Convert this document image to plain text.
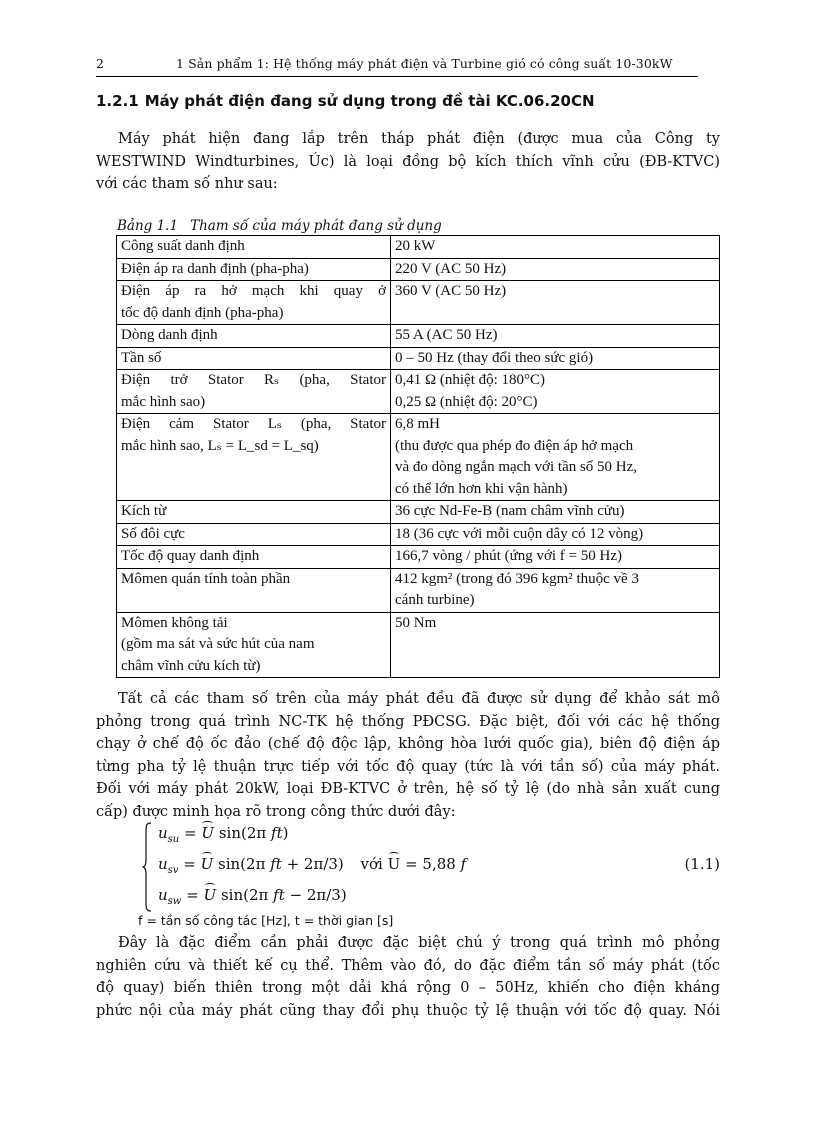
2	1 Sản phẩm 1: Hệ thống máy phát điện và Turbine gió có công suất 10-30kW
1.2.1 Máy phát điện đang sử dụng trong đề tài KC.06.20CN
Máy phát hiện đang lắp trên tháp phát điện (được mua của Công ty
WESTWIND Windturbines, Úc) là loại đồng bộ kích thích vĩnh cửu (ĐB-KTVC)
với các tham số như sau:
Bảng 1.1 Tham số của máy phát đang sử dụng
Công suất danh định	20 kW

Điện áp ra danh định (pha-pha)	220 V (AC 50 Hz)

Điện áp ra hở mạch khi quay ở
tốc độ danh định (pha-pha)	360 V (AC 50 Hz)

Dòng danh định	55 A (AC 50 Hz)

Tần số	0 – 50 Hz (thay đổi theo sức gió)

Điện trở Stator Rₛ (pha, Stator
mắc hình sao)	0,41 Ω (nhiệt độ: 180°C)
0,25 Ω (nhiệt độ: 20°C)

Điện cảm Stator Lₛ (pha, Stator
mắc hình sao, Lₛ = L_sd = L_sq)	6,8 mH
(thu được qua phép đo điện áp hở mạch
và đo dòng ngắn mạch với tần số 50 Hz,
có thể lớn hơn khi vận hành)

Kích từ	36 cực Nd-Fe-B (nam châm vĩnh cửu)

Số đôi cực	18 (36 cực với mỗi cuộn dây có 12 vòng)

Tốc độ quay danh định	166,7 vòng / phút (ứng với f = 50 Hz)

Mômen quán tính toàn phần	412 kgm² (trong đó 396 kgm² thuộc về 3
cánh turbine)

Mômen không tải
(gồm ma sát và sức hút của nam
châm vĩnh cửu kích từ)	50 Nm
Tất cả các tham số trên của máy phát đều đã được sử dụng để khảo sát mô
phỏng trong quá trình NC-TK hệ thống PĐCSG. Đặc biệt, đối với các hệ thống
chạy ở chế độ ốc đảo (chế độ độc lập, không hòa lưới quốc gia), biên độ điện áp
từng pha tỷ lệ thuận trực tiếp với tốc độ quay (tức là với tần số) của máy phát.
Đối với máy phát 20kW, loại ĐB-KTVC ở trên, hệ số tỷ lệ (do nhà sản xuất cung
cấp) được minh họa rõ trong công thức dưới đây:
$u_{su} = U$ sin(2π ft)
$u_{sv} = U$ sin(2π ft + 2π/3) với U = 5,88 f
$u_{sw} = U$ sin(2π ft − 2π/3)
(1.1)
f = tần số công tác [Hz], t = thời gian [s]
Đây là đặc điểm cần phải được đặc biệt chú ý trong quá trình mô phỏng
nghiên cứu và thiết kế cụ thể. Thêm vào đó, do đặc điểm tần số máy phát (tốc
độ quay) biến thiên trong một dải khá rộng 0 – 50Hz, khiến cho điện kháng
phức nội của máy phát cũng thay đổi phụ thuộc tỷ lệ thuận với tốc độ quay. Nói
